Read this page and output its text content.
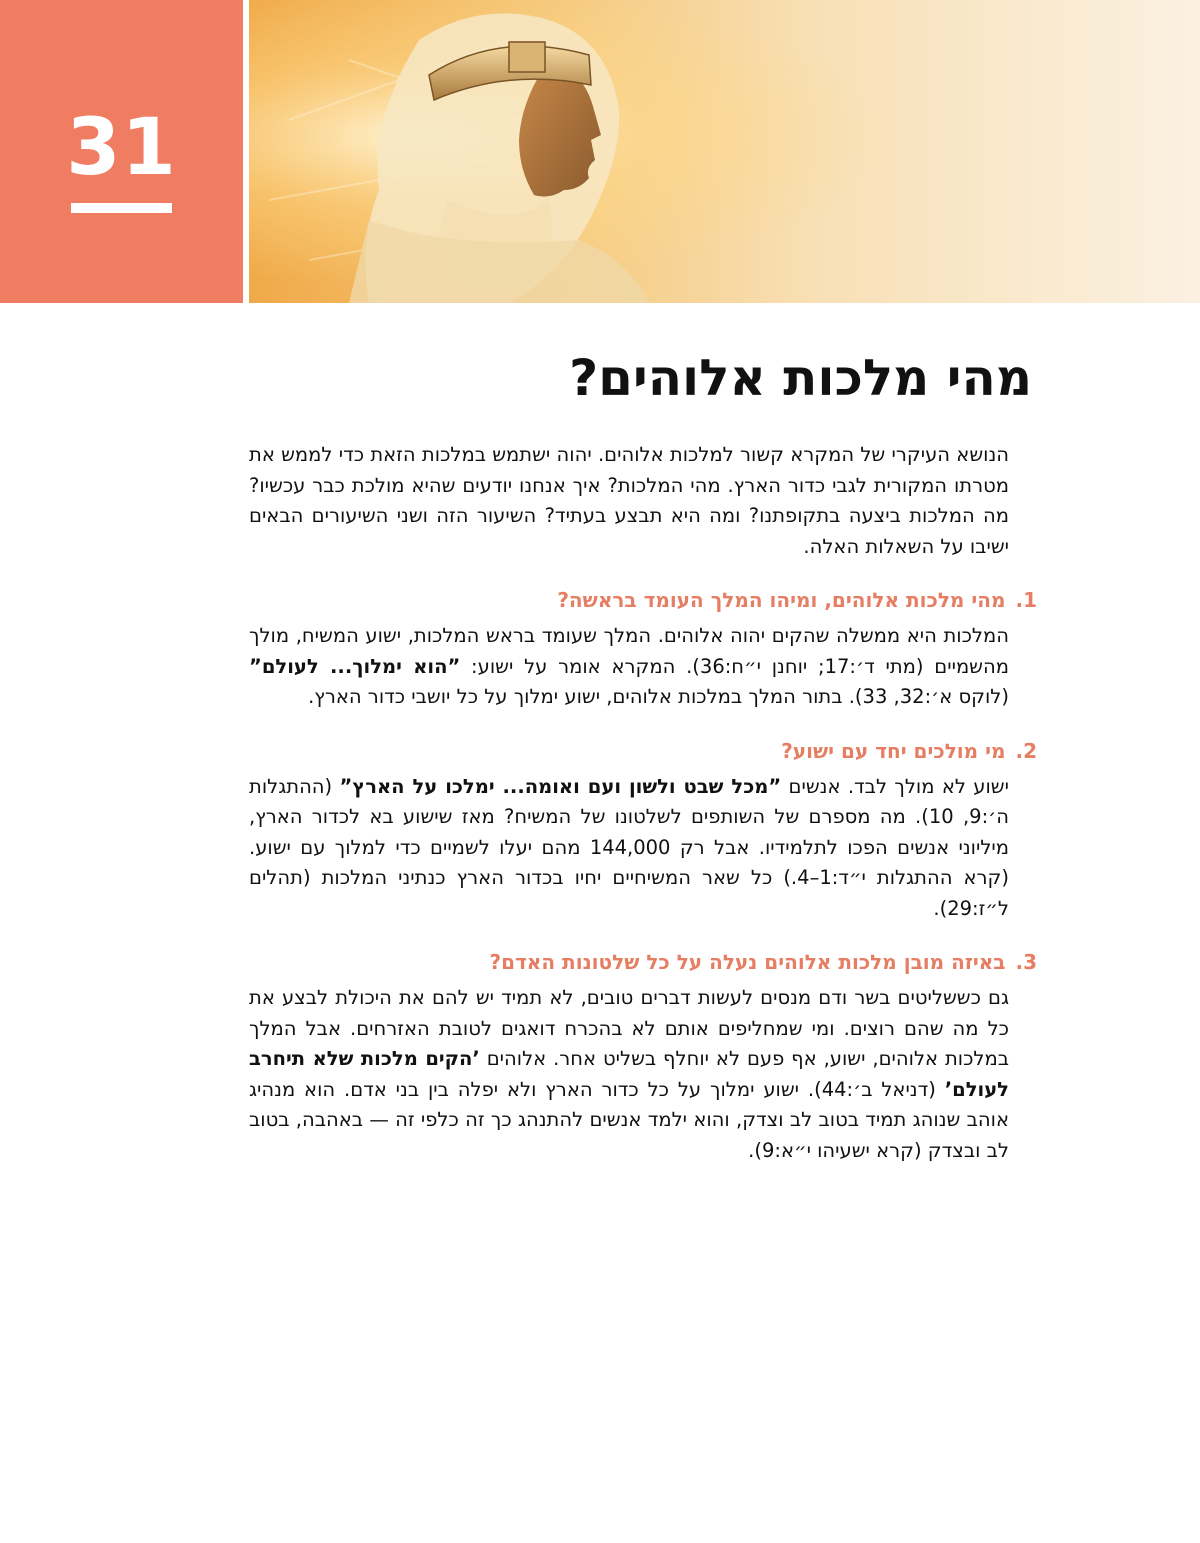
31
מהי מלכות אלוהים?

הנושא העיקרי של המקרא קשור למלכות אלוהים. יהוה ישתמש במלכות הזאת כדי לממש את מטרתו המקורית לגבי כדור הארץ. מהי המלכות? איך אנחנו יודעים שהיא מולכת כבר עכשיו? מה המלכות ביצעה בתקופתנו? ומה היא תבצע בעתיד? השיעור הזה ושני השיעורים הבאים ישיבו על השאלות האלה.

1.מהי מלכות אלוהים, ומיהו המלך העומד בראשה?

המלכות היא ממשלה שהקים יהוה אלוהים. המלך שעומד בראש המלכות, ישוע המשיח, מולך מהשמיים (מתי ד׳:17; יוחנן י״ח:36). המקרא אומר על ישוע: ”הוא ימלוך... לעולם” (לוקס א׳:32, 33). בתור המלך במלכות אלוהים, ישוע ימלוך על כל יושבי כדור הארץ.

2.מי מולכים יחד עם ישוע?

ישוע לא מולך לבד. אנשים ”מכל שבט ולשון ועם ואומה... ימלכו על הארץ” (ההתגלות ה׳:9, 10). מה מספרם של השותפים לשלטונו של המשיח? מאז שישוע בא לכדור הארץ, מיליוני אנשים הפכו לתלמידיו. אבל רק 144,000 מהם יעלו לשמיים כדי למלוך עם ישוע. (קרא ההתגלות י״ד:1–4.) כל שאר המשיחיים יחיו בכדור הארץ כנתיני המלכות (תהלים ל״ז:29).

3.באיזה מובן מלכות אלוהים נעלה על כל שלטונות האדם?

גם כששליטים בשר ודם מנסים לעשות דברים טובים, לא תמיד יש להם את היכולת לבצע את כל מה שהם רוצים. ומי שמחליפים אותם לא בהכרח דואגים לטובת האזרחים. אבל המלך במלכות אלוהים, ישוע, אף פעם לא יוחלף בשליט אחר. אלוהים ’הקים מלכות שלא תיחרב לעולם’ (דניאל ב׳:44). ישוע ימלוך על כל כדור הארץ ולא יפלה בין בני אדם. הוא מנהיג אוהב שנוהג תמיד בטוב לב וצדק, והוא ילמד אנשים להתנהג כך זה כלפי זה — באהבה, בטוב לב ובצדק (קרא ישעיהו י״א:9).
